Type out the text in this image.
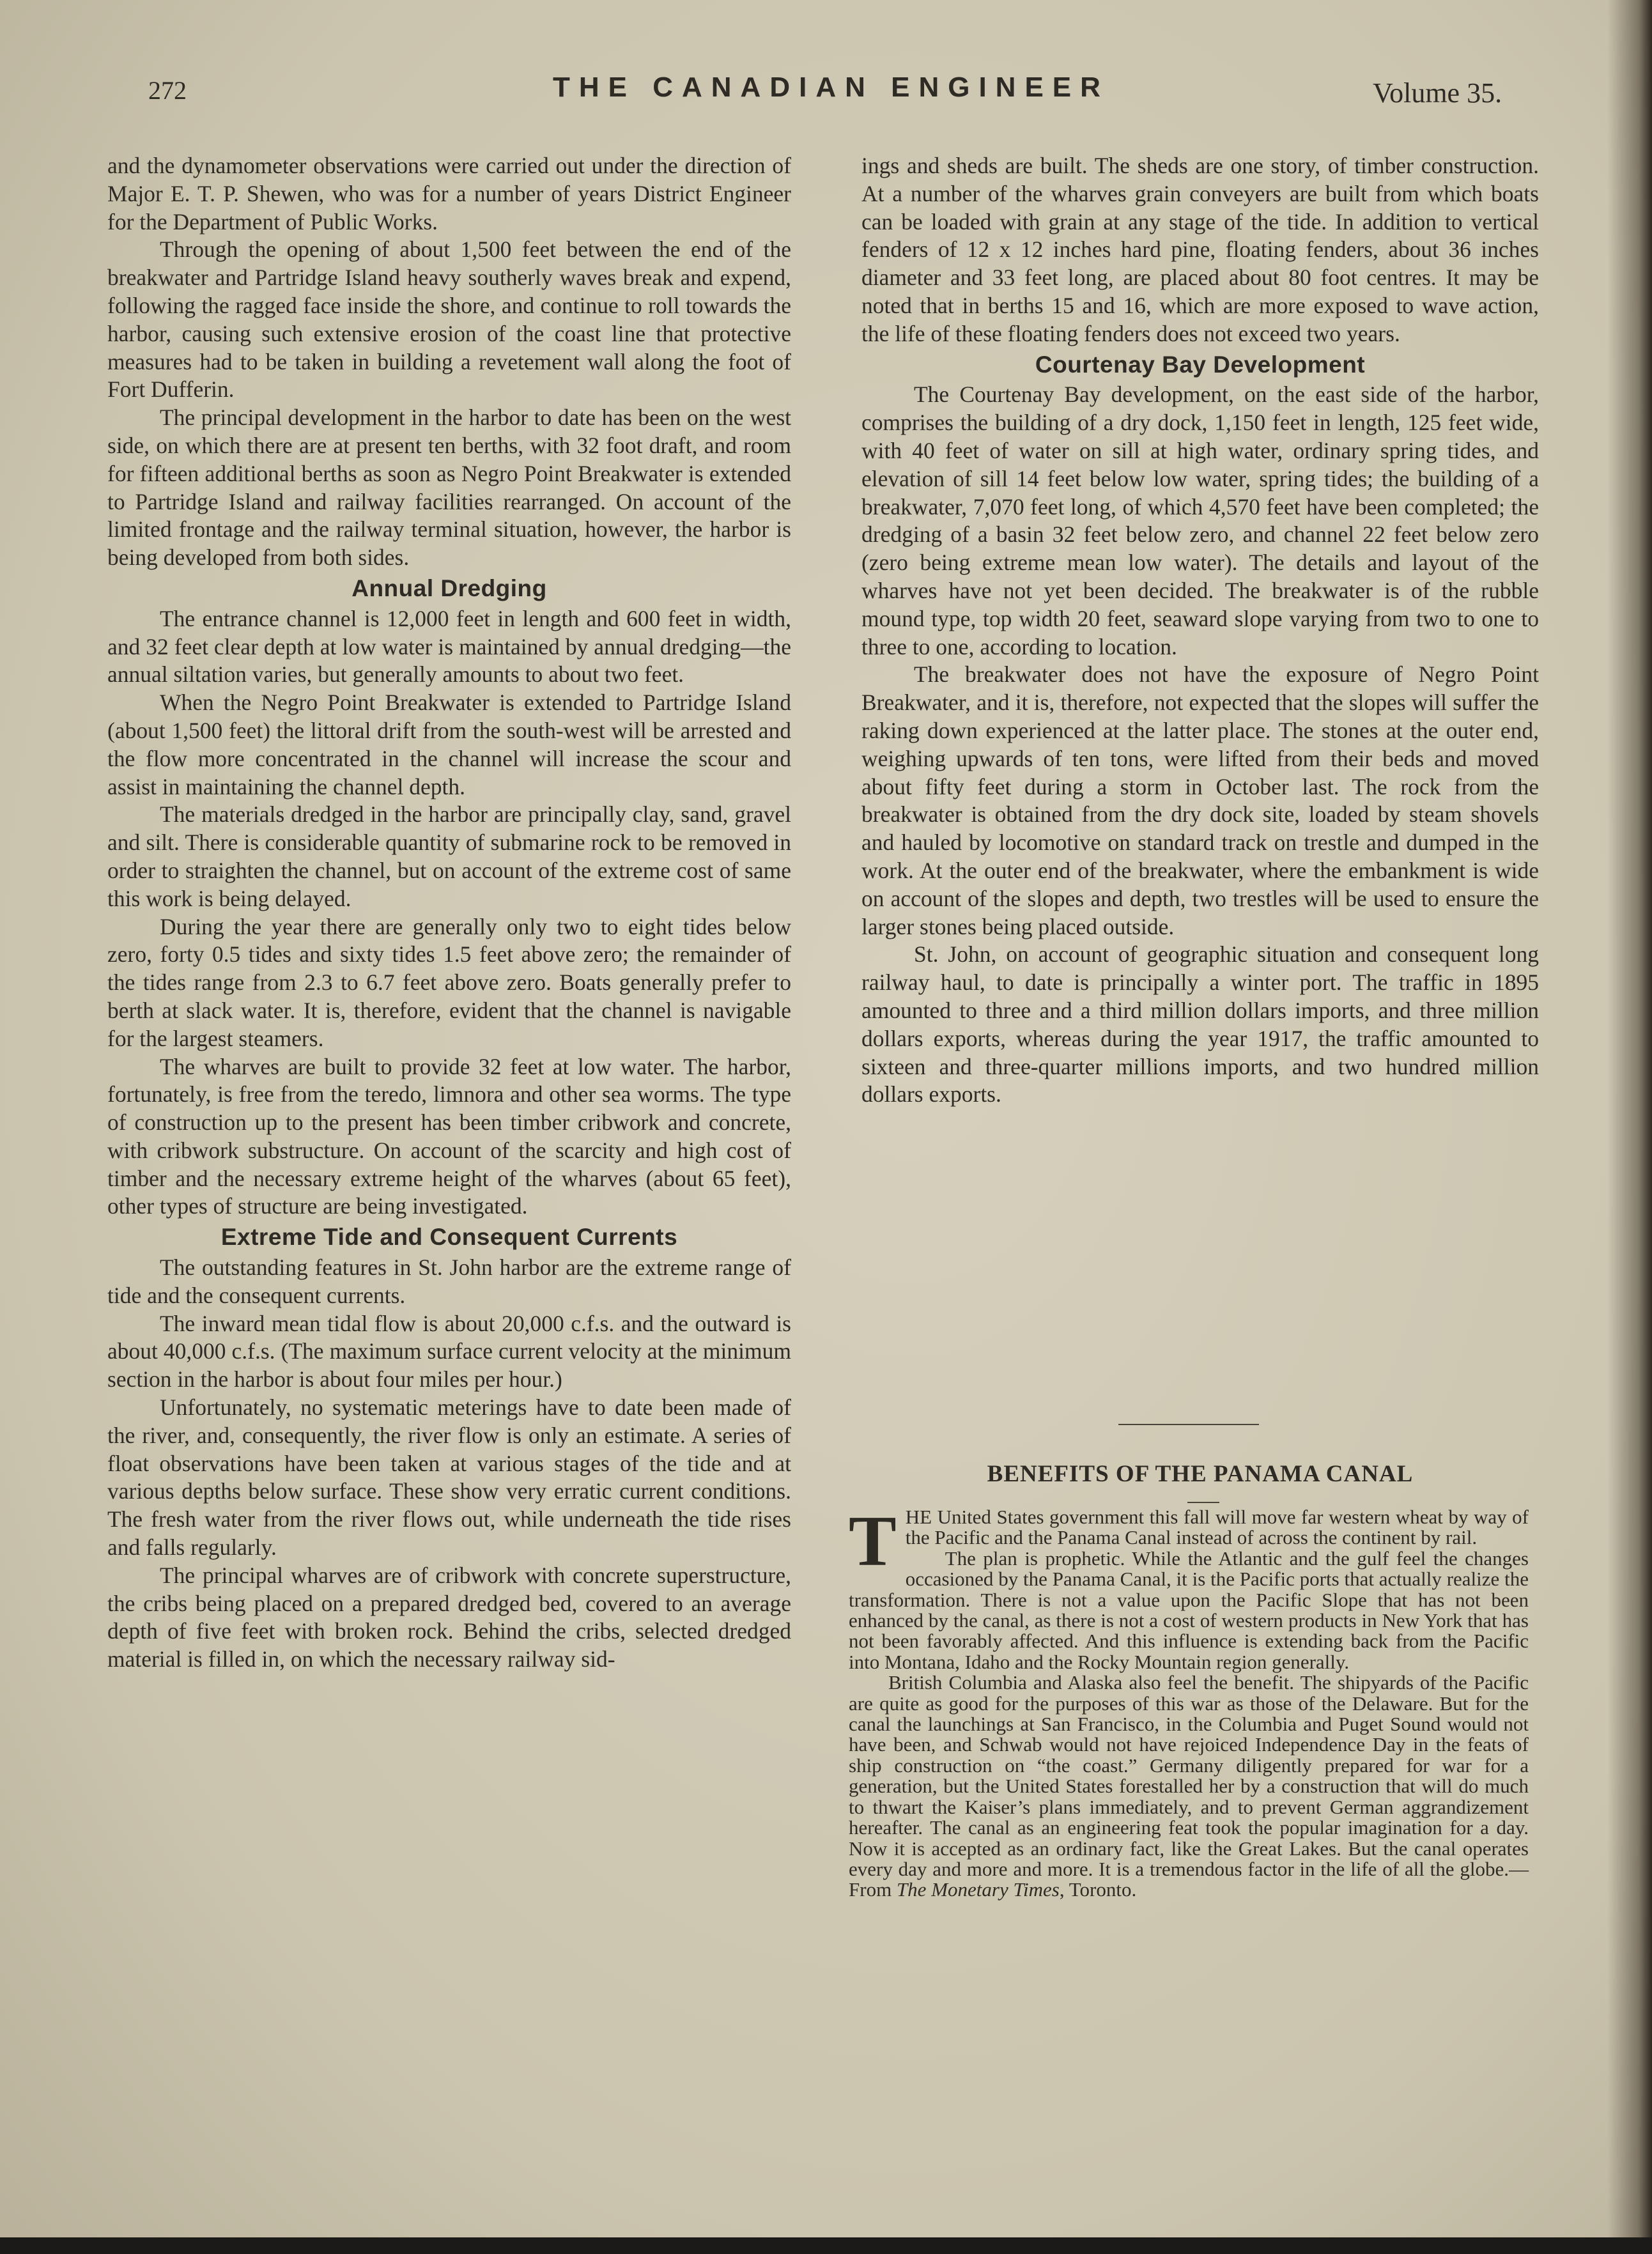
272	THE CANADIAN ENGINEER	Volume 35.

and the dynamometer observations were carried out under the direction of Major E. T. P. Shewen, who was for a number of years District Engineer for the Department of Public Works.

Through the opening of about 1,500 feet between the end of the breakwater and Partridge Island heavy southerly waves break and expend, following the ragged face inside the shore, and continue to roll towards the harbor, causing such extensive erosion of the coast line that protective measures had to be taken in building a revetement wall along the foot of Fort Dufferin.

The principal development in the harbor to date has been on the west side, on which there are at present ten berths, with 32 foot draft, and room for fifteen additional berths as soon as Negro Point Breakwater is extended to Partridge Island and railway facilities rearranged. On account of the limited frontage and the railway terminal situation, however, the harbor is being developed from both sides.

Annual Dredging

The entrance channel is 12,000 feet in length and 600 feet in width, and 32 feet clear depth at low water is maintained by annual dredging—the annual siltation varies, but generally amounts to about two feet.

When the Negro Point Breakwater is extended to Partridge Island (about 1,500 feet) the littoral drift from the south-west will be arrested and the flow more concentrated in the channel will increase the scour and assist in maintaining the channel depth.

The materials dredged in the harbor are principally clay, sand, gravel and silt. There is considerable quantity of submarine rock to be removed in order to straighten the channel, but on account of the extreme cost of same this work is being delayed.

During the year there are generally only two to eight tides below zero, forty 0.5 tides and sixty tides 1.5 feet above zero; the remainder of the tides range from 2.3 to 6.7 feet above zero. Boats generally prefer to berth at slack water. It is, therefore, evident that the channel is navigable for the largest steamers.

The wharves are built to provide 32 feet at low water. The harbor, fortunately, is free from the teredo, limnora and other sea worms. The type of construction up to the present has been timber cribwork and concrete, with cribwork substructure. On account of the scarcity and high cost of timber and the necessary extreme height of the wharves (about 65 feet), other types of structure are being investigated.

Extreme Tide and Consequent Currents

The outstanding features in St. John harbor are the extreme range of tide and the consequent currents.

The inward mean tidal flow is about 20,000 c.f.s. and the outward is about 40,000 c.f.s. (The maximum surface current velocity at the minimum section in the harbor is about four miles per hour.)

Unfortunately, no systematic meterings have to date been made of the river, and, consequently, the river flow is only an estimate. A series of float observations have been taken at various stages of the tide and at various depths below surface. These show very erratic current conditions. The fresh water from the river flows out, while underneath the tide rises and falls regularly.

The principal wharves are of cribwork with concrete superstructure, the cribs being placed on a prepared dredged bed, covered to an average depth of five feet with broken rock. Behind the cribs, selected dredged material is filled in, on which the necessary railway sid-

ings and sheds are built. The sheds are one story, of timber construction. At a number of the wharves grain conveyers are built from which boats can be loaded with grain at any stage of the tide. In addition to vertical fenders of 12 x 12 inches hard pine, floating fenders, about 36 inches diameter and 33 feet long, are placed about 80 foot centres. It may be noted that in berths 15 and 16, which are more exposed to wave action, the life of these floating fenders does not exceed two years.

Courtenay Bay Development

The Courtenay Bay development, on the east side of the harbor, comprises the building of a dry dock, 1,150 feet in length, 125 feet wide, with 40 feet of water on sill at high water, ordinary spring tides, and elevation of sill 14 feet below low water, spring tides; the building of a breakwater, 7,070 feet long, of which 4,570 feet have been completed; the dredging of a basin 32 feet below zero, and channel 22 feet below zero (zero being extreme mean low water). The details and layout of the wharves have not yet been decided. The breakwater is of the rubble mound type, top width 20 feet, seaward slope varying from two to one to three to one, according to location.

The breakwater does not have the exposure of Negro Point Breakwater, and it is, therefore, not expected that the slopes will suffer the raking down experienced at the latter place. The stones at the outer end, weighing upwards of ten tons, were lifted from their beds and moved about fifty feet during a storm in October last. The rock from the breakwater is obtained from the dry dock site, loaded by steam shovels and hauled by locomotive on standard track on trestle and dumped in the work. At the outer end of the breakwater, where the embankment is wide on account of the slopes and depth, two trestles will be used to ensure the larger stones being placed outside.

St. John, on account of geographic situation and consequent long railway haul, to date is principally a winter port. The traffic in 1895 amounted to three and a third million dollars imports, and three million dollars exports, whereas during the year 1917, the traffic amounted to sixteen and three-quarter millions imports, and two hundred million dollars exports.

BENEFITS OF THE PANAMA CANAL

THE United States government this fall will move far western wheat by way of the Pacific and the Panama Canal instead of across the continent by rail.

The plan is prophetic. While the Atlantic and the gulf feel the changes occasioned by the Panama Canal, it is the Pacific ports that actually realize the transformation. There is not a value upon the Pacific Slope that has not been enhanced by the canal, as there is not a cost of western products in New York that has not been favorably affected. And this influence is extending back from the Pacific into Montana, Idaho and the Rocky Mountain region generally.

British Columbia and Alaska also feel the benefit. The shipyards of the Pacific are quite as good for the purposes of this war as those of the Delaware. But for the canal the launchings at San Francisco, in the Columbia and Puget Sound would not have been, and Schwab would not have rejoiced Independence Day in the feats of ship construction on “the coast.” Germany diligently prepared for war for a generation, but the United States forestalled her by a construction that will do much to thwart the Kaiser’s plans immediately, and to prevent German aggrandizement hereafter. The canal as an engineering feat took the popular imagination for a day. Now it is accepted as an ordinary fact, like the Great Lakes. But the canal operates every day and more and more. It is a tremendous factor in the life of all the globe.—From The Monetary Times, Toronto.
